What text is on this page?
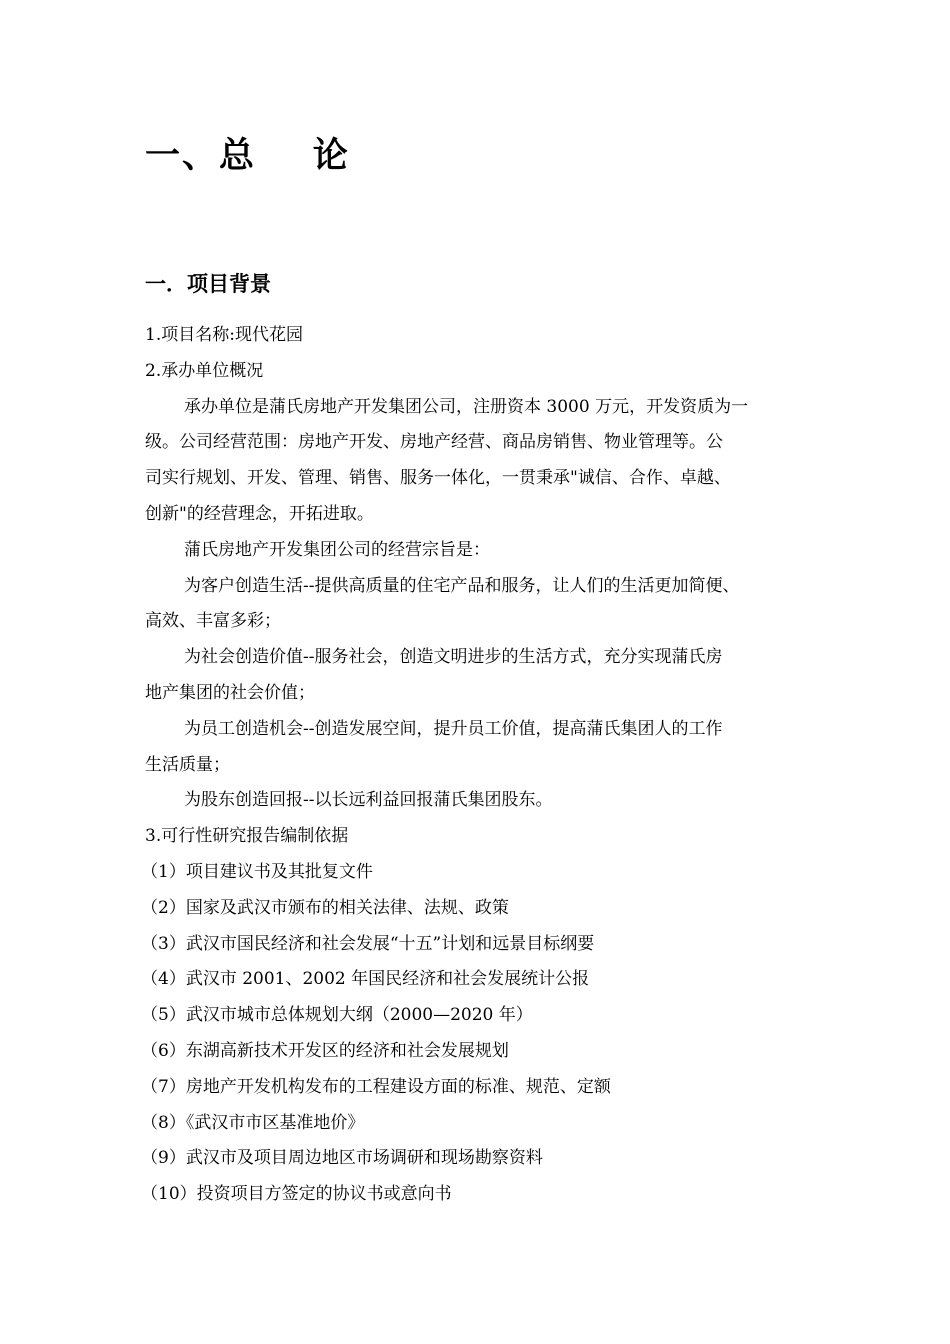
一、总    论
一．项目背景
1.项目名称:现代花园
2.承办单位概况
承办单位是蒲氏房地产开发集团公司，注册资本 3000 万元，开发资质为一
级。公司经营范围：房地产开发、房地产经营、商品房销售、物业管理等。公
司实行规划、开发、管理、销售、服务一体化，一贯秉承"诚信、合作、卓越、
创新"的经营理念，开拓进取。
蒲氏房地产开发集团公司的经营宗旨是：
为客户创造生活--提供高质量的住宅产品和服务，让人们的生活更加简便、
高效、丰富多彩；
为社会创造价值--服务社会，创造文明进步的生活方式，充分实现蒲氏房
地产集团的社会价值；
为员工创造机会--创造发展空间，提升员工价值，提高蒲氏集团人的工作
生活质量；
为股东创造回报--以长远利益回报蒲氏集团股东。
3.可行性研究报告编制依据
（1）项目建议书及其批复文件
（2）国家及武汉市颁布的相关法律、法规、政策
（3）武汉市国民经济和社会发展“十五”计划和远景目标纲要
（4）武汉市 2001、2002 年国民经济和社会发展统计公报
（5）武汉市城市总体规划大纲（2000—2020 年）
（6）东湖高新技术开发区的经济和社会发展规划
（7）房地产开发机构发布的工程建设方面的标准、规范、定额
（8）《武汉市市区基准地价》
（9）武汉市及项目周边地区市场调研和现场勘察资料
（10）投资项目方签定的协议书或意向书
